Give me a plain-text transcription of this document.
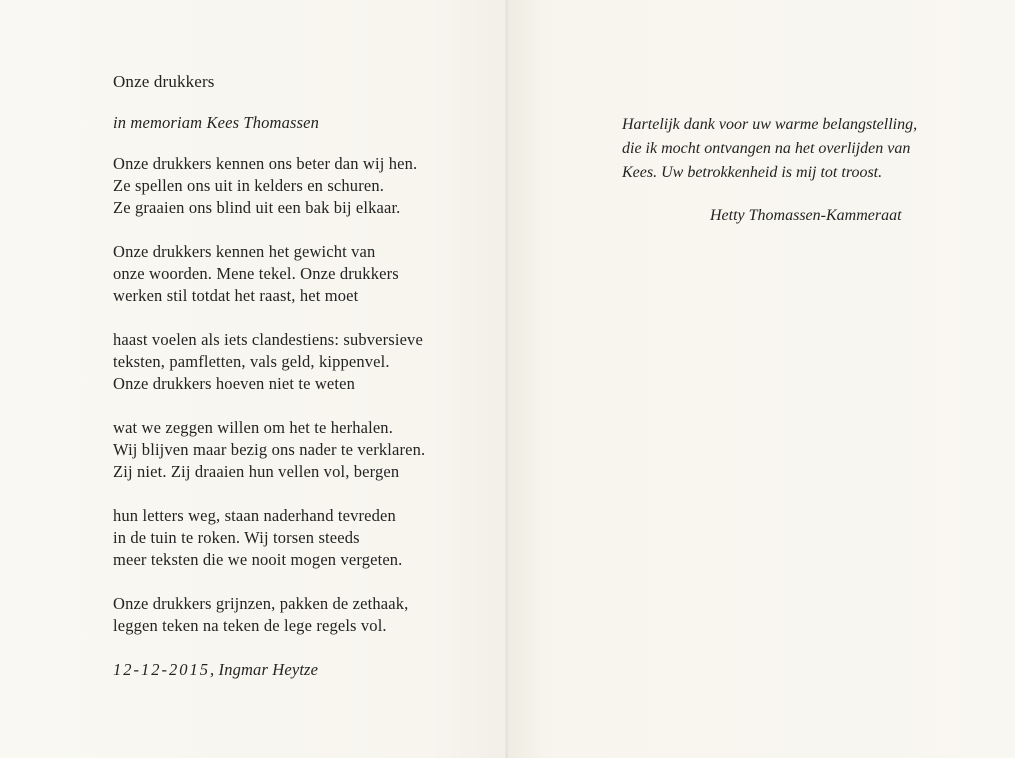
Onze drukkers
in memoriam Kees Thomassen
Onze drukkers kennen ons beter dan wij hen.
Ze spellen ons uit in kelders en schuren.
Ze graaien ons blind uit een bak bij elkaar.
Onze drukkers kennen het gewicht van
onze woorden. Mene tekel. Onze drukkers
werken stil totdat het raast, het moet
haast voelen als iets clandestiens: subversieve
teksten, pamfletten, vals geld, kippenvel.
Onze drukkers hoeven niet te weten
wat we zeggen willen om het te herhalen.
Wij blijven maar bezig ons nader te verklaren.
Zij niet. Zij draaien hun vellen vol, bergen
hun letters weg, staan naderhand tevreden
in de tuin te roken. Wij torsen steeds
meer teksten die we nooit mogen vergeten.
Onze drukkers grijnzen, pakken de zethaak,
leggen teken na teken de lege regels vol.
12-12-2015, Ingmar Heytze
Hartelijk dank voor uw warme belangstelling,
die ik mocht ontvangen na het overlijden van
Kees. Uw betrokkenheid is mij tot troost.
Hetty Thomassen-Kammeraat
